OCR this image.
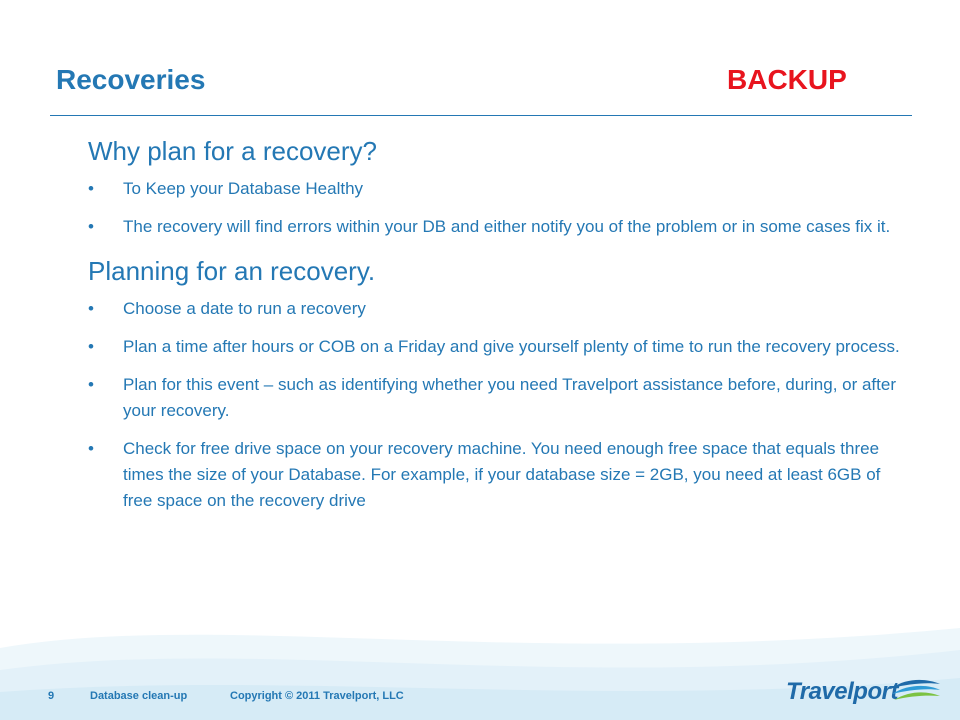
Recoveries	BACKUP
Why plan for a recovery?
• To Keep your Database Healthy
• The recovery will find errors within your DB and either notify you of the problem or in some cases fix it.
Planning for an recovery.
• Choose a date to run a recovery
• Plan a time after hours or COB on a Friday and give yourself plenty of time to run the recovery process.
• Plan for this event – such as identifying whether you need Travelport assistance before, during, or after your recovery.
• Check for free drive space on your recovery machine. You need enough free space that equals three times the size of your Database. For example, if your database size = 2GB, you need at least 6GB of free space on the recovery drive
9	Database clean-up	Copyright © 2011 Travelport, LLC	Travelport
